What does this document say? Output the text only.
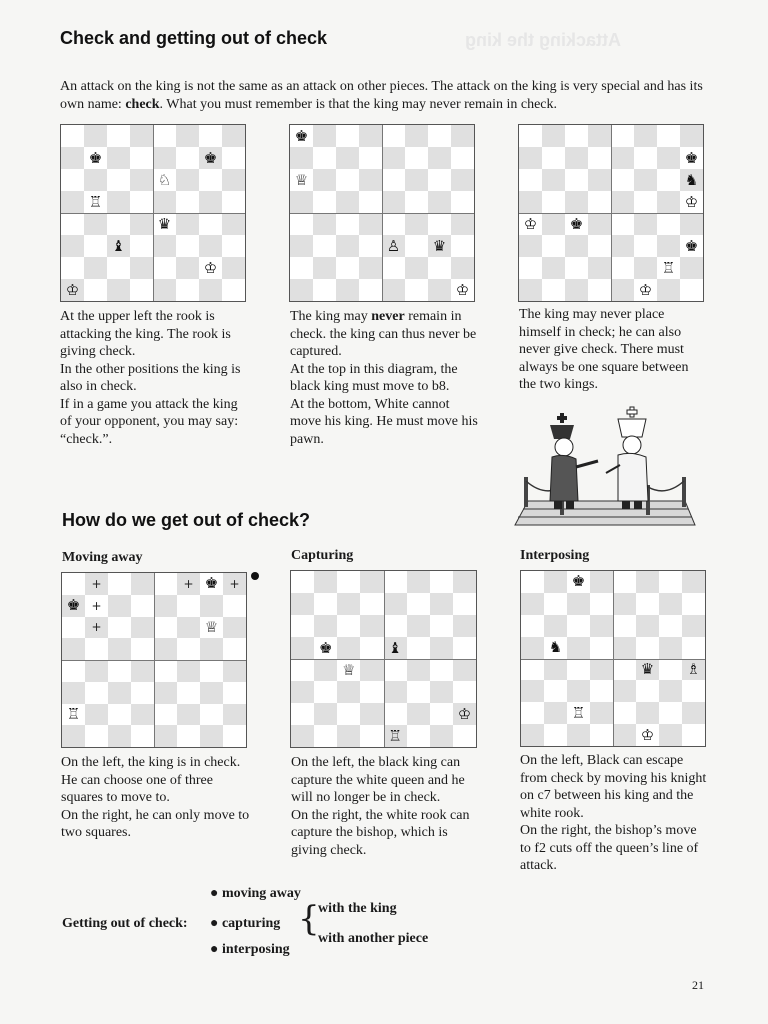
Attacking the king
Check and getting out of check
An attack on the king is not the same as an attack on other pieces. The attack on the king is very special and has its own name: check. What you must remember is that the king may never remain in check.
♚	♚
♘
♖
♛
♝
♔
♔
♚
♕
♙	♛
♔
♚
♞
♔
♔	♚
♚
♖
♔

At the upper left the rook is attacking the king. The rook is giving check.

In the other positions the king is also in check.

If in a game you attack the king of your opponent, you may say: “check.”.

The king may never remain in check. the king can thus never be captured.

At the top in this diagram, the black king must move to b8.

At the bottom, White cannot move his king. He must move his pawn.

The king may never place himself in check; he can also never give check. There must always be one square between the two kings.

How do we get out of check?
Moving away	Capturing	Interposing
♚
♚
♕
♖
+	+	+
+
+
♚	♝
♕
♔
♖
♚
♞
♛	♗
♖
♔

On the left, the king is in check. He can choose one of three squares to move to.

On the right, he can only move to two squares.

On the left, the black king can capture the white queen and he will no longer be in check.

On the right, the white rook can capture the bishop, which is giving check.

On the left, Black can escape from check by moving his knight on c7 between his king and the white rook.

On the right, the bishop’s move to f2 cuts off the queen’s line of attack.

● moving away
Getting out of check: ● capturing {
with the king
with another piece
● interposing
21
